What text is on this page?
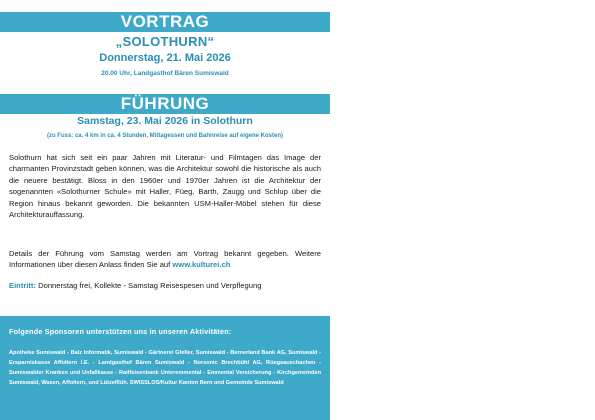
VORTRAG
„SOLOTHURN“
Donnerstag, 21. Mai 2026
20.00 Uhr, Landgasthof Bären Sumiswald
FÜHRUNG
Samstag, 23. Mai 2026 in Solothurn
(zu Fuss: ca. 4 km in ca. 4 Stunden, Mittagessen und Bahnreise auf eigene Kosten)
Solothurn hat sich seit ein paar Jahren mit Literatur- und Filmtagen das Image der charmanten Provinzstadt geben können, was die Architektur sowohl die historische als auch die neuere bestätigt. Bloss in den 1960er und 1970er Jahren ist die Architektur der sogenannten «Solothurner Schule» mit Haller, Füeg, Barth, Zaugg und Schlup über die Region hinaus bekannt geworden. Die bekannten USM-Haller-Möbel stehen für diese Architekturauffassung.
Details der Führung vom Samstag werden am Vortrag bekannt gegeben. Weitere Informationen über diesen Anlass finden Sie auf www.kulturei.ch
Eintritt: Donnerstag frei, Kollekte - Samstag Reisespesen und Verpflegung
Folgende Sponsoren unterstützen uns in unseren Aktivitäten:
Apotheke Sumiswald - Balz Informatik, Sumiswald - Gärtnerei Gfeller, Sumiswald - Bernerland Bank AG, Sumiswald - Ersparniskasse Affoltern i.E. - Landgasthof Bären Sumiswald - Norsonic Brechbühl AG, Rüegsauschachen - Sumiswalder Kranken und Unfallkasse - Raiffeisenbank Unteremmental - Emmental Versicherung - Kirchgemeinden Sumiswald, Wasen, Affoltern, und Lützelflüh. SWISSLOS/Kultur Kanton Bern und Gemeinde Sumiswald
